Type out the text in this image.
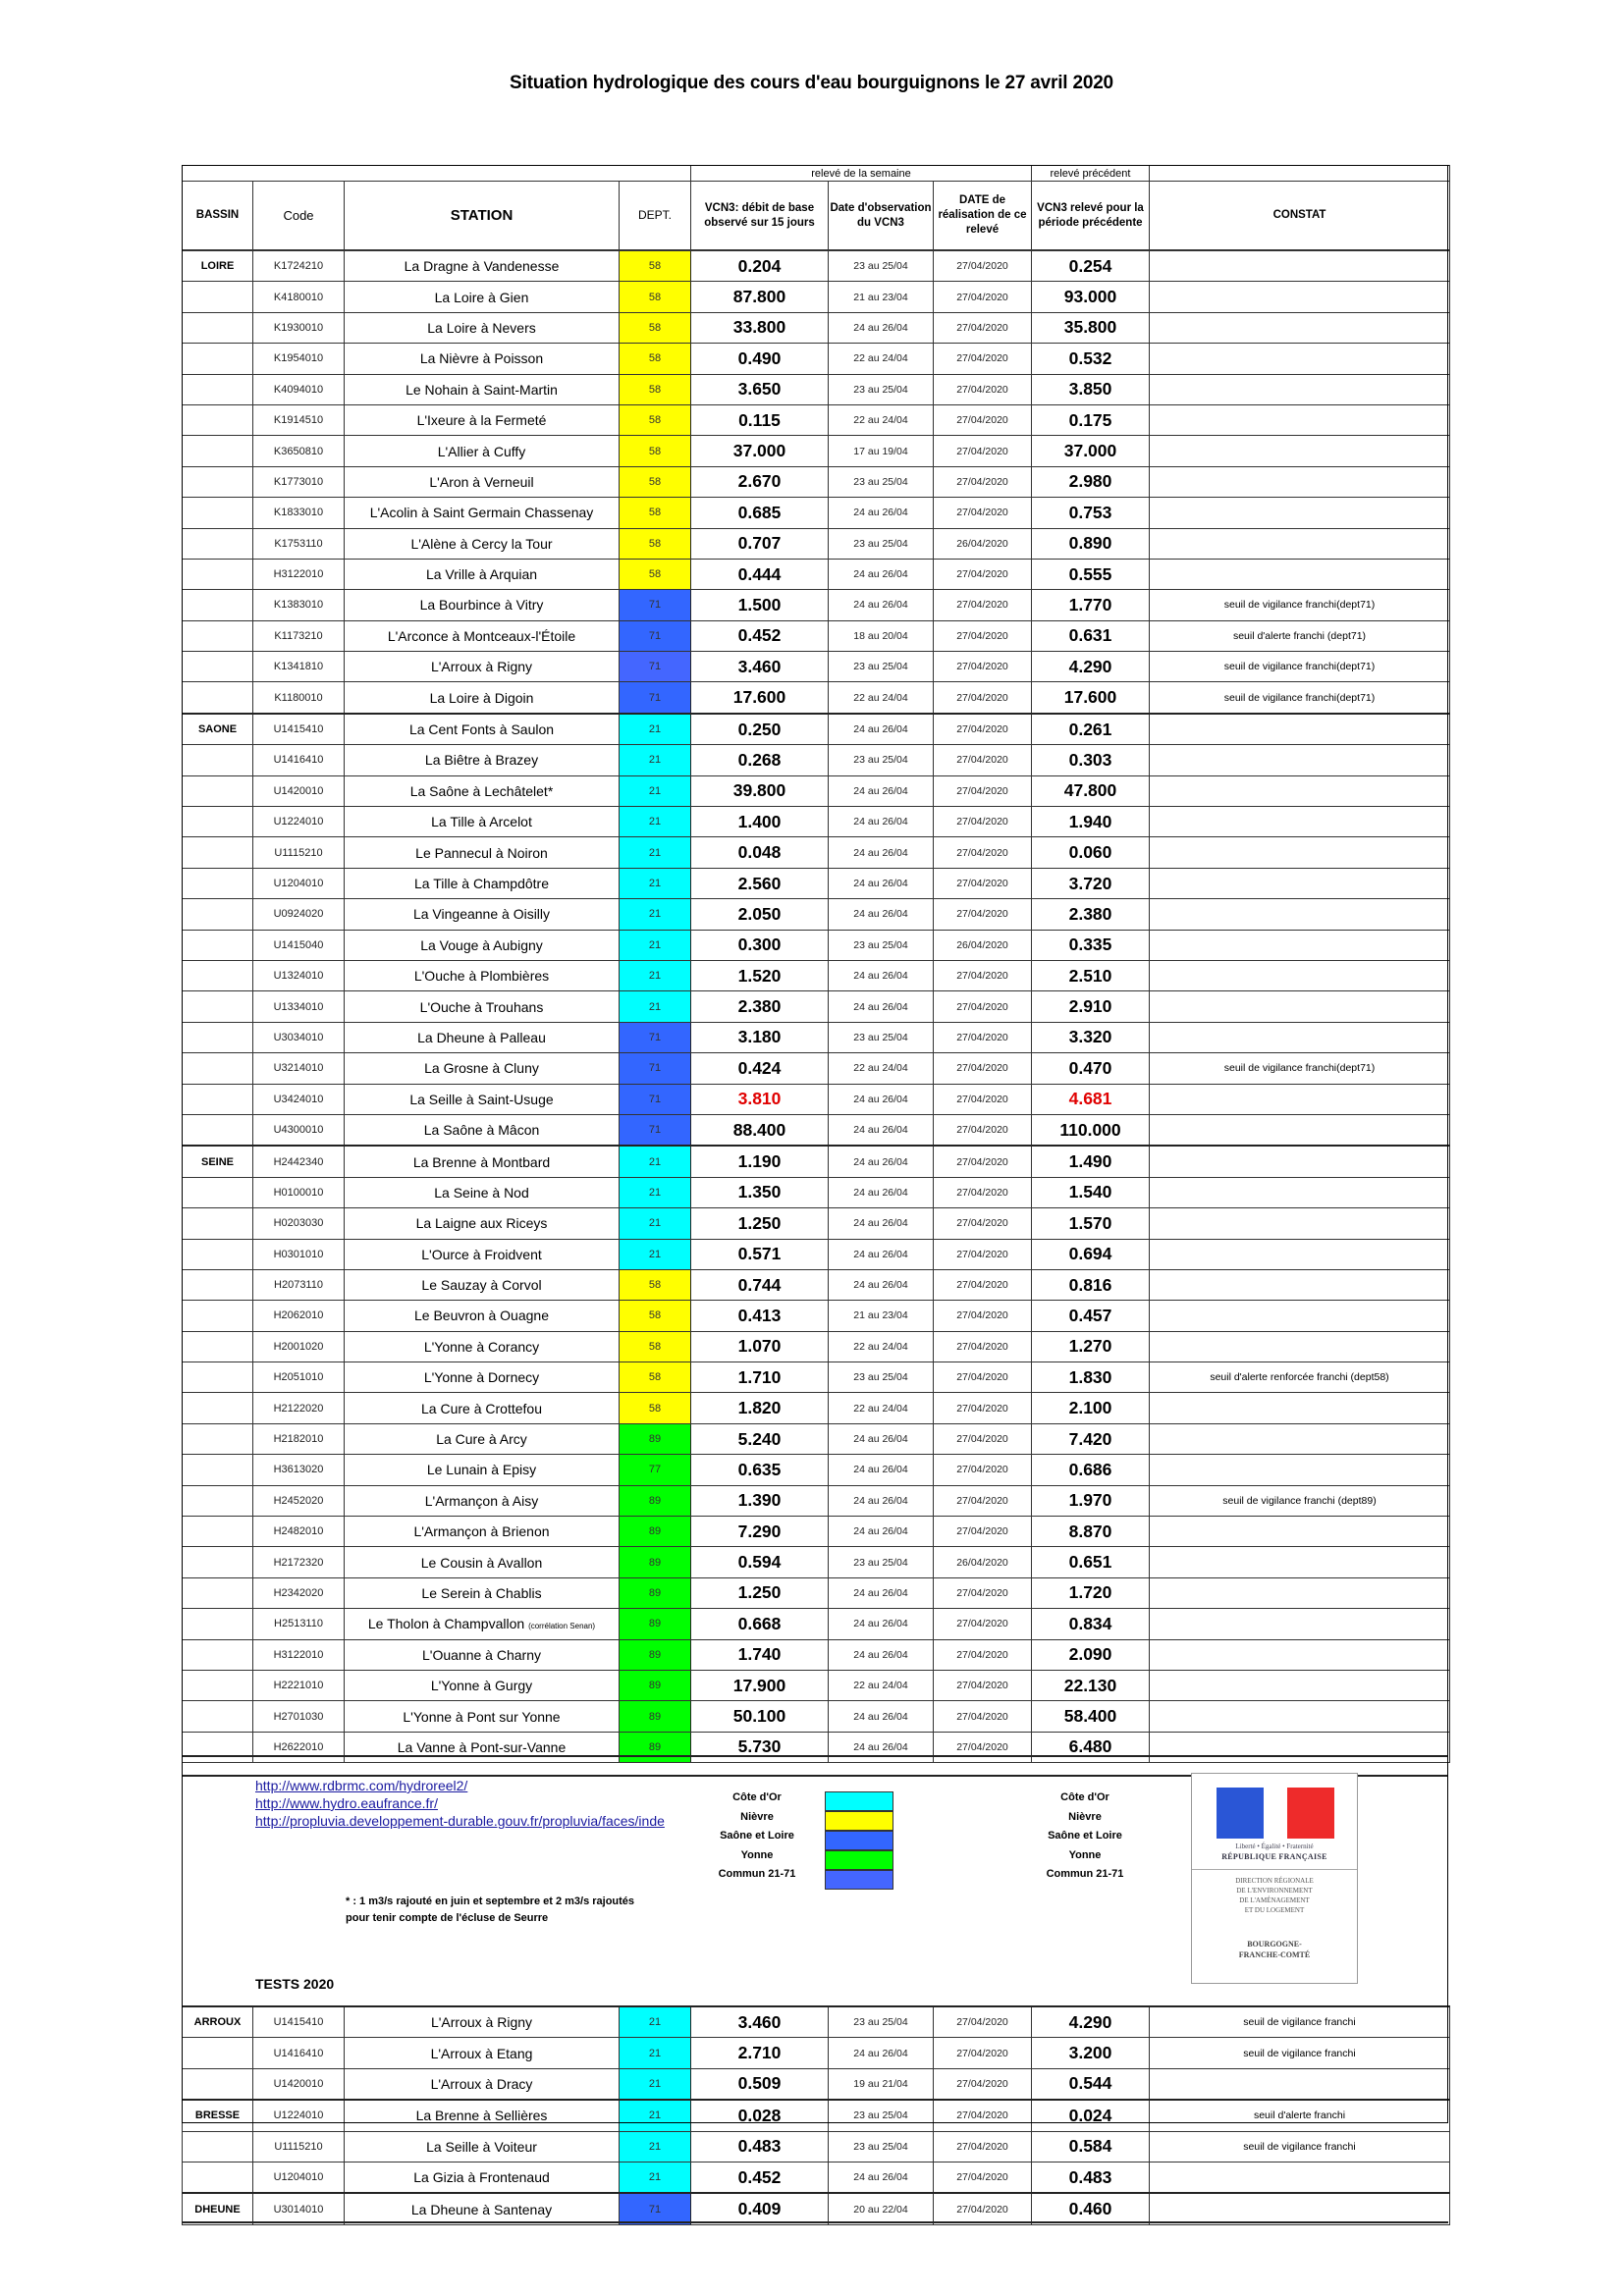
Situation hydrologique des cours d'eau bourguignons le 27 avril 2020
				relevé de la semaine			relevé précédent	
BASSIN	Code	STATION	DEPT.	VCN3: débit de base observé sur 15 jours	Date d'observation du VCN3	DATE de réalisation de ce relevé	VCN3 relevé pour la période précédente	CONSTAT
LOIRE	K1724210	La Dragne à Vandenesse	58	0.204	23 au 25/04	27/04/2020	0.254	
	K4180010	La Loire à Gien	58	87.800	21 au 23/04	27/04/2020	93.000	
	K1930010	La Loire à Nevers	58	33.800	24 au 26/04	27/04/2020	35.800	
	K1954010	La Nièvre à Poisson	58	0.490	22 au 24/04	27/04/2020	0.532	
	K4094010	Le Nohain à Saint-Martin	58	3.650	23 au 25/04	27/04/2020	3.850	
	K1914510	L'Ixeure à la Fermeté	58	0.115	22 au 24/04	27/04/2020	0.175	
	K3650810	L'Allier à Cuffy	58	37.000	17 au 19/04	27/04/2020	37.000	
	K1773010	L'Aron à Verneuil	58	2.670	23 au 25/04	27/04/2020	2.980	
	K1833010	L'Acolin à Saint Germain Chassenay	58	0.685	24 au 26/04	27/04/2020	0.753	
	K1753110	L'Alène à Cercy la Tour	58	0.707	23 au 25/04	26/04/2020	0.890	
	H3122010	La Vrille à Arquian	58	0.444	24 au 26/04	27/04/2020	0.555	
	K1383010	La Bourbince à Vitry	71	1.500	24 au 26/04	27/04/2020	1.770	seuil de vigilance franchi(dept71)
	K1173210	L'Arconce à Montceaux-l'Étoile	71	0.452	18 au 20/04	27/04/2020	0.631	seuil d'alerte franchi (dept71)
	K1341810	L'Arroux à Rigny	71	3.460	23 au 25/04	27/04/2020	4.290	seuil de vigilance franchi(dept71)
	K1180010	La Loire à Digoin	71	17.600	22 au 24/04	27/04/2020	17.600	seuil de vigilance franchi(dept71)
SAONE	U1415410	La Cent Fonts à Saulon	21	0.250	24 au 26/04	27/04/2020	0.261	
	U1416410	La Biêtre à Brazey	21	0.268	23 au 25/04	27/04/2020	0.303	
	U1420010	La Saône à Lechâtelet*	21	39.800	24 au 26/04	27/04/2020	47.800	
	U1224010	La Tille à Arcelot	21	1.400	24 au 26/04	27/04/2020	1.940	
	U1115210	Le Pannecul à Noiron	21	0.048	24 au 26/04	27/04/2020	0.060	
	U1204010	La Tille à Champdôtre	21	2.560	24 au 26/04	27/04/2020	3.720	
	U0924020	La Vingeanne à Oisilly	21	2.050	24 au 26/04	27/04/2020	2.380	
	U1415040	La Vouge à Aubigny	21	0.300	23 au 25/04	26/04/2020	0.335	
	U1324010	L'Ouche à Plombières	21	1.520	24 au 26/04	27/04/2020	2.510	
	U1334010	L'Ouche à Trouhans	21	2.380	24 au 26/04	27/04/2020	2.910	
	U3034010	La Dheune à Palleau	71	3.180	23 au 25/04	27/04/2020	3.320	
	U3214010	La Grosne à Cluny	71	0.424	22 au 24/04	27/04/2020	0.470	seuil de vigilance franchi(dept71)
	U3424010	La Seille à Saint-Usuge	71	3.810	24 au 26/04	27/04/2020	4.681	
	U4300010	La Saône à Mâcon	71	88.400	24 au 26/04	27/04/2020	110.000	
SEINE	H2442340	La Brenne à Montbard	21	1.190	24 au 26/04	27/04/2020	1.490	
	H0100010	La Seine à Nod	21	1.350	24 au 26/04	27/04/2020	1.540	
	H0203030	La Laigne aux Riceys	21	1.250	24 au 26/04	27/04/2020	1.570	
	H0301010	L'Ource à Froidvent	21	0.571	24 au 26/04	27/04/2020	0.694	
	H2073110	Le Sauzay à Corvol	58	0.744	24 au 26/04	27/04/2020	0.816	
	H2062010	Le Beuvron à Ouagne	58	0.413	21 au 23/04	27/04/2020	0.457	
	H2001020	L'Yonne à Corancy	58	1.070	22 au 24/04	27/04/2020	1.270	
	H2051010	L'Yonne à Dornecy	58	1.710	23 au 25/04	27/04/2020	1.830	seuil d'alerte renforcée franchi (dept58)
	H2122020	La Cure à Crottefou	58	1.820	22 au 24/04	27/04/2020	2.100	
	H2182010	La Cure à Arcy	89	5.240	24 au 26/04	27/04/2020	7.420	
	H3613020	Le Lunain à Episy	77	0.635	24 au 26/04	27/04/2020	0.686	
	H2452020	L'Armançon à Aisy	89	1.390	24 au 26/04	27/04/2020	1.970	seuil de vigilance franchi (dept89)
	H2482010	L'Armançon à Brienon	89	7.290	24 au 26/04	27/04/2020	8.870	
	H2172320	Le Cousin à Avallon	89	0.594	23 au 25/04	26/04/2020	0.651	
	H2342020	Le Serein à Chablis	89	1.250	24 au 26/04	27/04/2020	1.720	
	H2513110	Le Tholon à Champvallon (corrélation Senan)	89	0.668	24 au 26/04	27/04/2020	0.834	
	H3122010	L'Ouanne à Charny	89	1.740	24 au 26/04	27/04/2020	2.090	
	H2221010	L'Yonne à Gurgy	89	17.900	22 au 24/04	27/04/2020	22.130	
	H2701030	L'Yonne à Pont sur Yonne	89	50.100	24 au 26/04	27/04/2020	58.400	
	H2622010	La Vanne à Pont-sur-Vanne	89	5.730	24 au 26/04	27/04/2020	6.480	
http://www.rdbrmc.com/hydroreel2/
http://www.hydro.eaufrance.fr/
http://propluvia.developpement-durable.gouv.fr/propluvia/faces/inde
Côte d'Or
Nièvre
Saône et Loire
Yonne
Commun 21-71
Côte d'Or
Nièvre
Saône et Loire
Yonne
Commun 21-71
* : 1 m3/s rajouté en juin et septembre et 2 m3/s rajoutés
pour tenir compte de l'écluse de Seurre
Liberté • Égalité • Fraternité
RÉPUBLIQUE FRANÇAISE
DIRECTION RÉGIONALE
DE L'ENVIRONNEMENT
DE L'AMÉNAGEMENT
ET DU LOGEMENT
BOURGOGNE-
FRANCHE-COMTÉ
TESTS 2020
ARROUX	U1415410	L'Arroux à Rigny	21	3.460	23 au 25/04	27/04/2020	4.290	seuil de vigilance franchi
	U1416410	L'Arroux à Etang	21	2.710	24 au 26/04	27/04/2020	3.200	seuil de vigilance franchi
	U1420010	L'Arroux à Dracy	21	0.509	19 au 21/04	27/04/2020	0.544	
BRESSE	U1224010	La Brenne à Sellières	21	0.028	23 au 25/04	27/04/2020	0.024	seuil d'alerte franchi
	U1115210	La Seille à Voiteur	21	0.483	23 au 25/04	27/04/2020	0.584	seuil de vigilance franchi
	U1204010	La Gizia à Frontenaud	21	0.452	24 au 26/04	27/04/2020	0.483	
DHEUNE	U3014010	La Dheune à Santenay	71	0.409	20 au 22/04	27/04/2020	0.460	
